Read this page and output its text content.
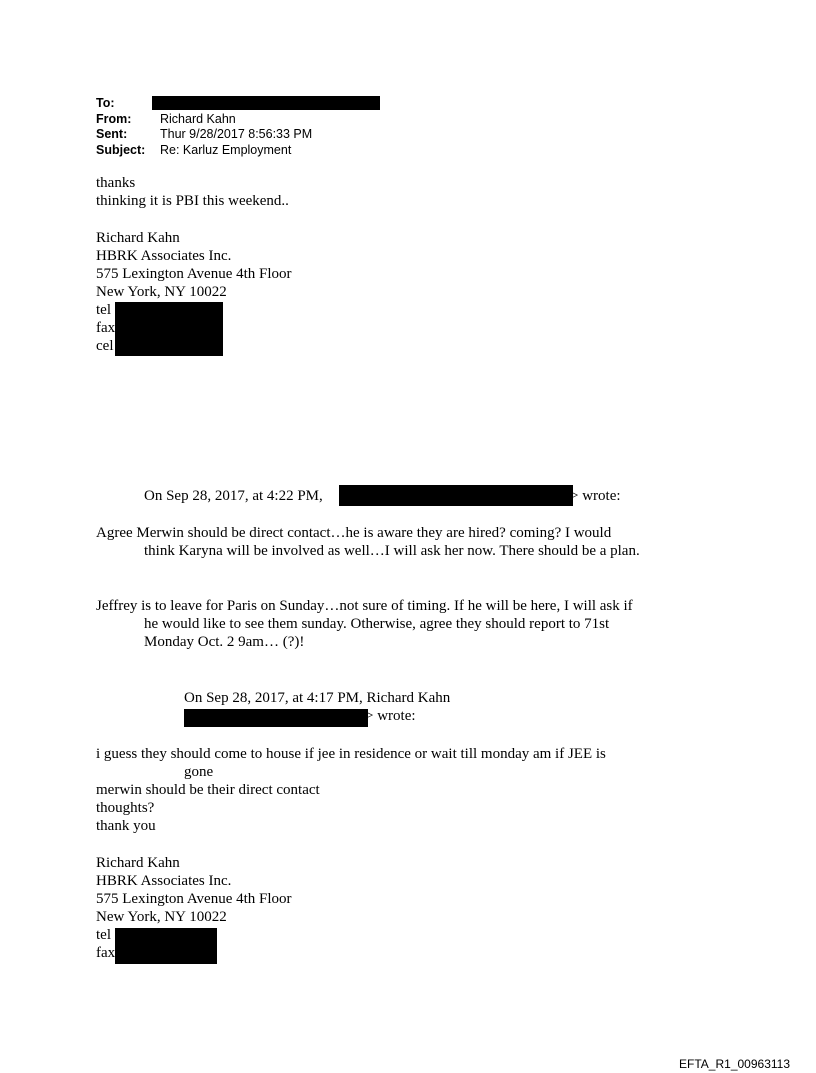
To:
From: Richard Kahn
Sent:	Thur 9/28/2017 8:56:33 PM
Subject: Re: Karluz Employment
thanks
thinking it is PBI this weekend..
Richard Kahn
HBRK Associates Inc.
575 Lexington Avenue 4th Floor
New York, NY 10022
tel
fax
cel
On Sep 28, 2017, at 4:22 PM,	> wrote:
Agree Merwin should be direct contact…he is aware they are hired? coming? I would
think Karyna will be involved as well…I will ask her now. There should be a plan.
Jeffrey is to leave for Paris on Sunday…not sure of timing. If he will be here, I will ask if
he would like to see them sunday. Otherwise, agree they should report to 71st
Monday Oct. 2 9am… (?)!
On Sep 28, 2017, at 4:17 PM, Richard Kahn
> wrote:
i guess they should come to house if jee in residence or wait till monday am if JEE is
gone
merwin should be their direct contact
thoughts?
thank you
Richard Kahn
HBRK Associates Inc.
575 Lexington Avenue 4th Floor
New York, NY 10022
tel
fax
EFTA_R1_00963113
